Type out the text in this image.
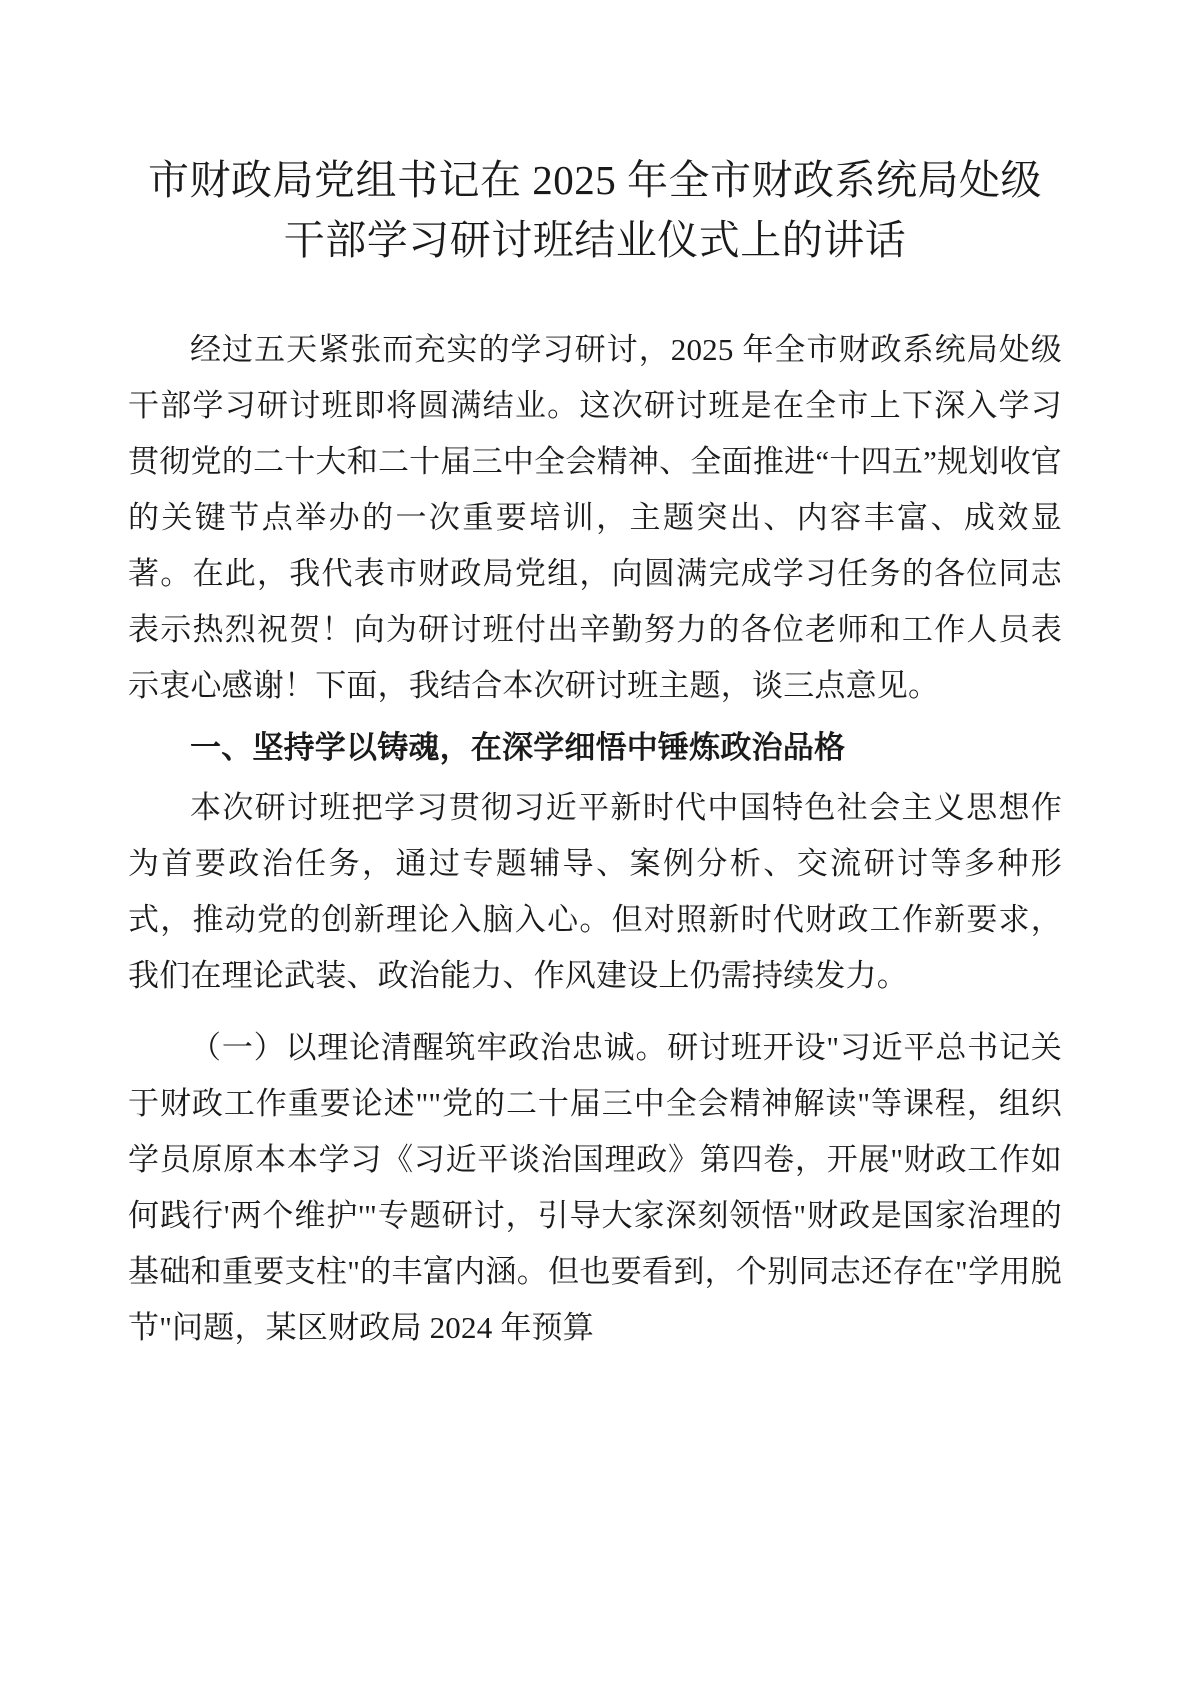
市财政局党组书记在 2025 年全市财政系统局处级干部学习研讨班结业仪式上的讲话

经过五天紧张而充实的学习研讨，2025 年全市财政系统局处级干部学习研讨班即将圆满结业。这次研讨班是在全市上下深入学习贯彻党的二十大和二十届三中全会精神、全面推进“十四五”规划收官的关键节点举办的一次重要培训，主题突出、内容丰富、成效显著。在此，我代表市财政局党组，向圆满完成学习任务的各位同志表示热烈祝贺！向为研讨班付出辛勤努力的各位老师和工作人员表示衷心感谢！下面，我结合本次研讨班主题，谈三点意见。

一、坚持学以铸魂，在深学细悟中锤炼政治品格

本次研讨班把学习贯彻习近平新时代中国特色社会主义思想作为首要政治任务，通过专题辅导、案例分析、交流研讨等多种形式，推动党的创新理论入脑入心。但对照新时代财政工作新要求，我们在理论武装、政治能力、作风建设上仍需持续发力。

（一）以理论清醒筑牢政治忠诚。研讨班开设"习近平总书记关于财政工作重要论述""党的二十届三中全会精神解读"等课程，组织学员原原本本学习《习近平谈治国理政》第四卷，开展"财政工作如何践行'两个维护'"专题研讨，引导大家深刻领悟"财政是国家治理的基础和重要支柱"的丰富内涵。但也要看到，个别同志还存在"学用脱节"问题，某区财政局 2024 年预算
